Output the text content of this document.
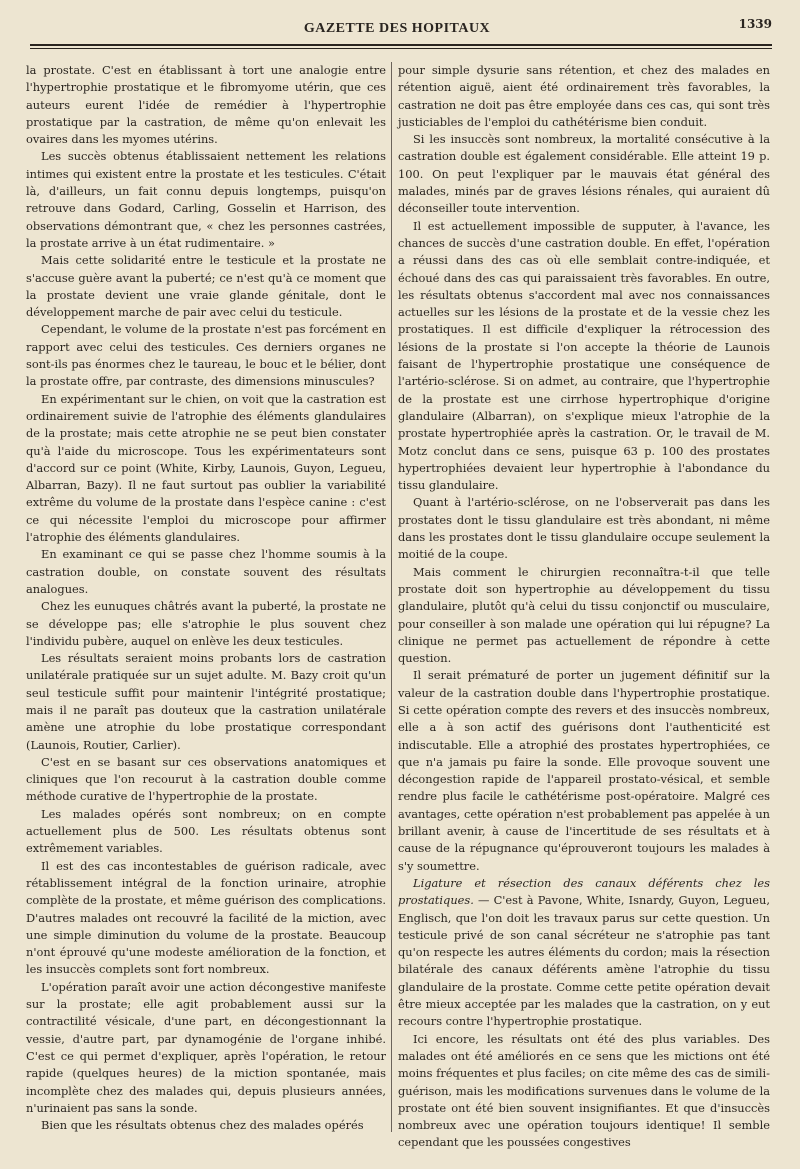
GAZETTE DES HOPITAUX	1339

la prostate. C'est en établissant à tort une analogie entre l'hypertrophie prostatique et le fibromyome utérin, que ces auteurs eurent l'idée de remédier à l'hypertrophie prostatique par la castration, de même qu'on enlevait les ovaires dans les myomes utérins.

Les succès obtenus établissaient nettement les relations intimes qui existent entre la prostate et les testicules. C'était là, d'ailleurs, un fait connu depuis longtemps, puisqu'on retrouve dans Godard, Carling, Gosselin et Harrison, des observations démontrant que, « chez les personnes castrées, la prostate arrive à un état rudimentaire. »

Mais cette solidarité entre le testicule et la prostate ne s'accuse guère avant la puberté; ce n'est qu'à ce moment que la prostate devient une vraie glande génitale, dont le développement marche de pair avec celui du testicule.

Cependant, le volume de la prostate n'est pas forcément en rapport avec celui des testicules. Ces derniers organes ne sont-ils pas énormes chez le taureau, le bouc et le bélier, dont la prostate offre, par contraste, des dimensions minuscules?

En expérimentant sur le chien, on voit que la castration est ordinairement suivie de l'atrophie des éléments glandulaires de la prostate; mais cette atrophie ne se peut bien constater qu'à l'aide du microscope. Tous les expérimentateurs sont d'accord sur ce point (White, Kirby, Launois, Guyon, Legueu, Albarran, Bazy). Il ne faut surtout pas oublier la variabilité extrême du volume de la prostate dans l'espèce canine : c'est ce qui nécessite l'emploi du microscope pour affirmer l'atrophie des éléments glandulaires.

En examinant ce qui se passe chez l'homme soumis à la castration double, on constate souvent des résultats analogues.

Chez les eunuques châtrés avant la puberté, la prostate ne se développe pas; elle s'atrophie le plus souvent chez l'individu pubère, auquel on enlève les deux testicules.

Les résultats seraient moins probants lors de castration unilatérale pratiquée sur un sujet adulte. M. Bazy croit qu'un seul testicule suffit pour maintenir l'intégrité prostatique; mais il ne paraît pas douteux que la castration unilatérale amène une atrophie du lobe prostatique correspondant (Launois, Routier, Carlier).

C'est en se basant sur ces observations anatomiques et cliniques que l'on recourut à la castration double comme méthode curative de l'hypertrophie de la prostate.

Les malades opérés sont nombreux; on en compte actuellement plus de 500. Les résultats obtenus sont extrêmement variables.

Il est des cas incontestables de guérison radicale, avec rétablissement intégral de la fonction urinaire, atrophie complète de la prostate, et même guérison des complications. D'autres malades ont recouvré la facilité de la miction, avec une simple diminution du volume de la prostate. Beaucoup n'ont éprouvé qu'une modeste amélioration de la fonction, et les insuccès complets sont fort nombreux.

L'opération paraît avoir une action décongestive manifeste sur la prostate; elle agit probablement aussi sur la contractilité vésicale, d'une part, en décongestionnant la vessie, d'autre part, par dynamogénie de l'organe inhibé. C'est ce qui permet d'expliquer, après l'opération, le retour rapide (quelques heures) de la miction spontanée, mais incomplète chez des malades qui, depuis plusieurs années, n'urinaient pas sans la sonde.

Bien que les résultats obtenus chez des malades opérés

pour simple dysurie sans rétention, et chez des malades en rétention aiguë, aient été ordinairement très favorables, la castration ne doit pas être employée dans ces cas, qui sont très justiciables de l'emploi du cathétérisme bien conduit.

Si les insuccès sont nombreux, la mortalité consécutive à la castration double est également considérable. Elle atteint 19 p. 100. On peut l'expliquer par le mauvais état général des malades, minés par de graves lésions rénales, qui auraient dû déconseiller toute intervention.

Il est actuellement impossible de supputer, à l'avance, les chances de succès d'une castration double. En effet, l'opération a réussi dans des cas où elle semblait contre-indiquée, et échoué dans des cas qui paraissaient très favorables. En outre, les résultats obtenus s'accordent mal avec nos connaissances actuelles sur les lésions de la prostate et de la vessie chez les prostatiques. Il est difficile d'expliquer la rétrocession des lésions de la prostate si l'on accepte la théorie de Launois faisant de l'hypertrophie prostatique une conséquence de l'artério-sclérose. Si on admet, au contraire, que l'hypertrophie de la prostate est une cirrhose hypertrophique d'origine glandulaire (Albarran), on s'explique mieux l'atrophie de la prostate hypertrophiée après la castration. Or, le travail de M. Motz conclut dans ce sens, puisque 63 p. 100 des prostates hypertrophiées devaient leur hypertrophie à l'abondance du tissu glandulaire.

Quant à l'artério-sclérose, on ne l'observerait pas dans les prostates dont le tissu glandulaire est très abondant, ni même dans les prostates dont le tissu glandulaire occupe seulement la moitié de la coupe.

Mais comment le chirurgien reconnaîtra-t-il que telle prostate doit son hypertrophie au développement du tissu glandulaire, plutôt qu'à celui du tissu conjonctif ou musculaire, pour conseiller à son malade une opération qui lui répugne? La clinique ne permet pas actuellement de répondre à cette question.

Il serait prématuré de porter un jugement définitif sur la valeur de la castration double dans l'hypertrophie prostatique. Si cette opération compte des revers et des insuccès nombreux, elle a à son actif des guérisons dont l'authenticité est indiscutable. Elle a atrophié des prostates hypertrophiées, ce que n'a jamais pu faire la sonde. Elle provoque souvent une décongestion rapide de l'appareil prostato-vésical, et semble rendre plus facile le cathétérisme post-opératoire. Malgré ces avantages, cette opération n'est probablement pas appelée à un brillant avenir, à cause de l'incertitude de ses résultats et à cause de la répugnance qu'éprouveront toujours les malades à s'y soumettre.

Ligature et résection des canaux déférents chez les prostatiques. — C'est à Pavone, White, Isnardy, Guyon, Legueu, Englisch, que l'on doit les travaux parus sur cette question. Un testicule privé de son canal sécréteur ne s'atrophie pas tant qu'on respecte les autres éléments du cordon; mais la résection bilatérale des canaux déférents amène l'atrophie du tissu glandulaire de la prostate. Comme cette petite opération devait être mieux acceptée par les malades que la castration, on y eut recours contre l'hypertrophie prostatique.

Ici encore, les résultats ont été des plus variables. Des malades ont été améliorés en ce sens que les mictions ont été moins fréquentes et plus faciles; on cite même des cas de simili-guérison, mais les modifications survenues dans le volume de la prostate ont été bien souvent insignifiantes. Et que d'insuccès nombreux avec une opération toujours identique! Il semble cependant que les poussées congestives
